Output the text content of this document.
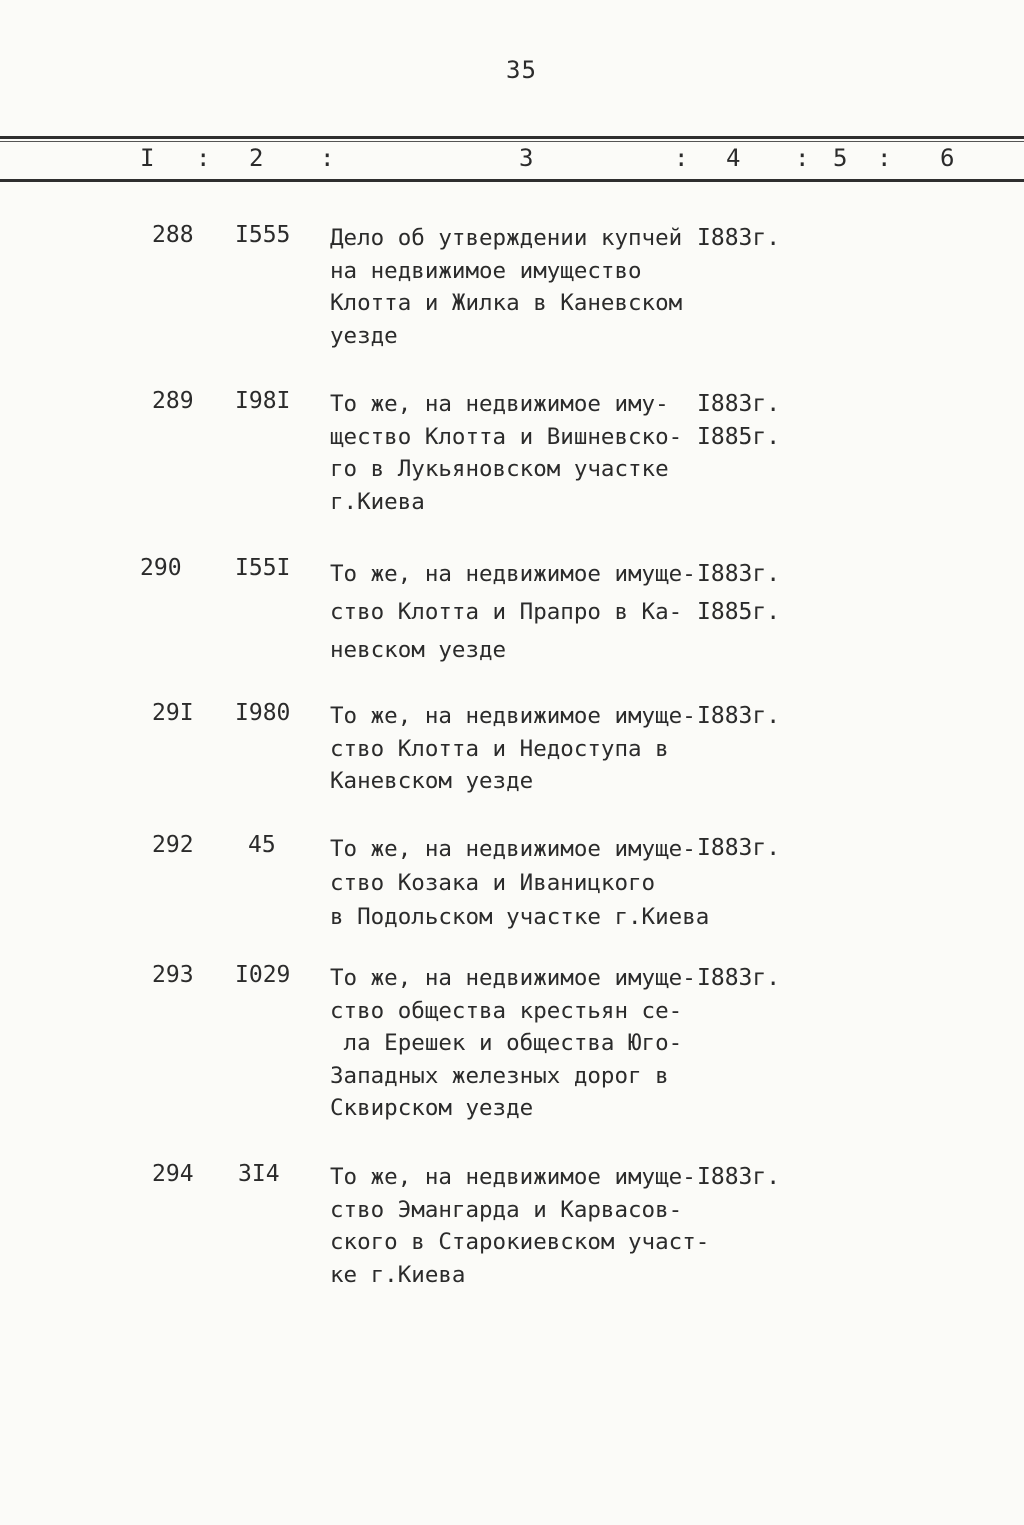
35
I : 2 :	3	: 4 : 5 : 6
288 I555 Дело об утверждении купчей
на недвижимое имущество
Клотта и Жилка в Каневском
уезде
I883г.
289 I98I То же, на недвижимое иму-
щество Клотта и Вишневско-
го в Лукьяновском участке
г.Киева
I883г.
I885г.
290 I55I То же, на недвижимое имуще-
ство Клотта и Прапро в Ка-
невском уезде
I883г.
I885г.
29I I980 То же, на недвижимое имуще-
ство Клотта и Недоступа в
Каневском уезде
I883г.
292 45 То же, на недвижимое имуще-
ство Козака и Иваницкого
в Подольском участке г.Киева
I883г.
293 I029 То же, на недвижимое имуще-
ство общества крестьян се-
ла Ерешек и общества Юго-
Западных железных дорог в
Сквирском уезде
I883г.
294 3I4 То же, на недвижимое имуще-
ство Эмангарда и Карвасов-
ского в Старокиевском участ-
ке г.Киева
I883г.
